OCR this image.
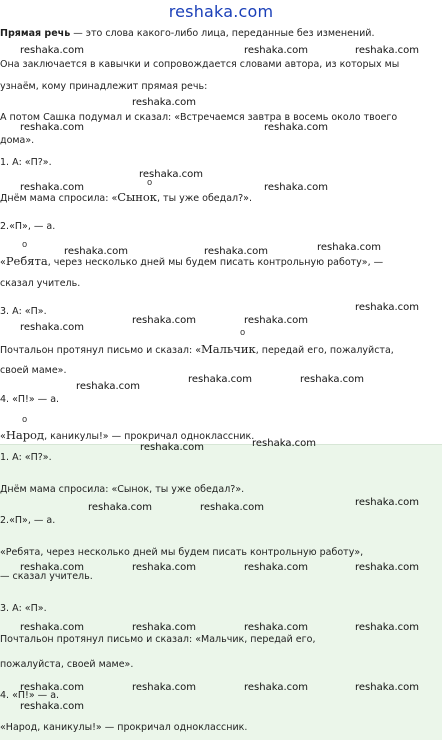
reshaka.com
Прямая речь — это слова какого-либо лица, переданные без изменений.
Она заключается в кавычки и сопровождается словами автора, из которых мы
узнаём, кому принадлежит прямая речь:
А потом Сашка подумал и сказал: «Встречаемся завтра в восемь около твоего
дома».
1. А: «П?».
o
Днём мама спросила: «Сынок, ты уже обедал?».
2.«П», — а.
o
«Ребята, через несколько дней мы будем писать контрольную работу», —
сказал учитель.
3. А: «П».
o
Почтальон протянул письмо и сказал: «Мальчик, передай его, пожалуйста,
своей маме».
4. «П!» — а.
o
«Народ, каникулы!» — прокричал одноклассник.
1. А: «П?».
Днём мама спросила: «Сынок, ты уже обедал?».
2.«П», — а.
«Ребята, через несколько дней мы будем писать контрольную работу»,
— сказал учитель.
3. А: «П».
Почтальон протянул письмо и сказал: «Мальчик, передай его,
пожалуйста, своей маме».
4. «П!» — а.
«Народ, каникулы!» — прокричал одноклассник.
reshaka.com	reshaka.com	reshaka.com
reshaka.com
reshaka.com	reshaka.com
reshaka.com
reshaka.com	reshaka.com
reshaka.com	reshaka.com	reshaka.com
reshaka.com
reshaka.com	reshaka.com
reshaka.com
reshaka.com	reshaka.com
reshaka.com
reshaka.com
reshaka.com
reshaka.com
reshaka.com	reshaka.com
reshaka.com	reshaka.com	reshaka.com	reshaka.com
reshaka.com	reshaka.com	reshaka.com	reshaka.com
reshaka.com	reshaka.com	reshaka.com	reshaka.com
reshaka.com
